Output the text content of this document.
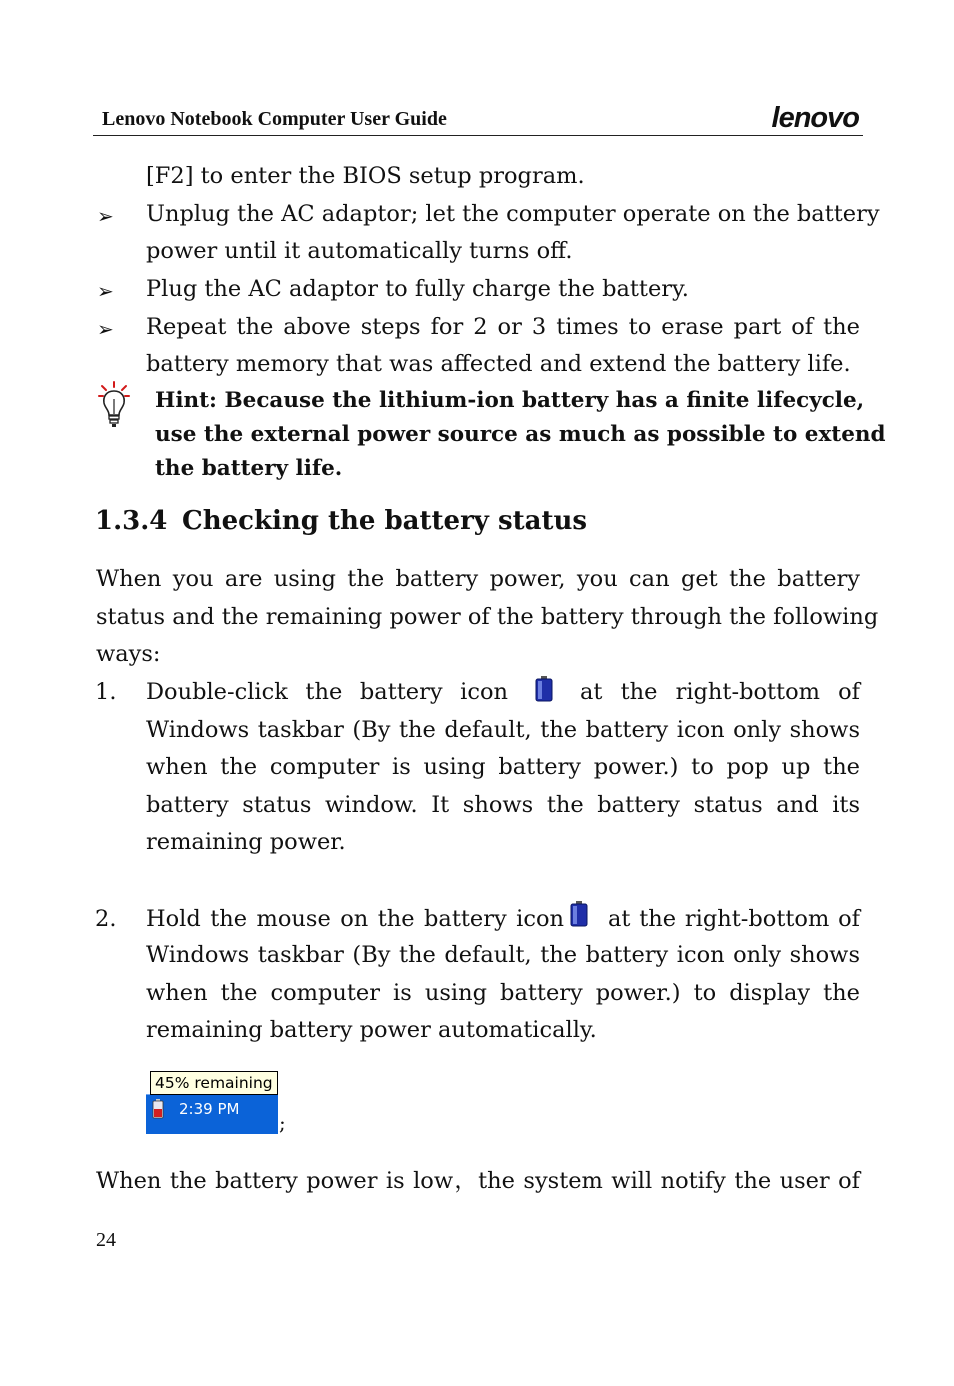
Lenovo Notebook Computer User Guide	lenovo
[F2] to enter the BIOS setup program.
➢ Unplug the AC adaptor; let the computer operate on the battery
power until it automatically turns off.
➢ Plug the AC adaptor to fully charge the battery.
➢ Repeat the above steps for 2 or 3 times to erase part of the
battery memory that was affected and extend the battery life.
Hint: Because the lithium-ion battery has a finite lifecycle,
use the external power source as much as possible to extend
the battery life.
1.3.4 Checking the battery status
When you are using the battery power, you can get the battery
status and the remaining power of the battery through the following
ways:
1. Double-click the battery icon	at the right-bottom of
Windows taskbar (By the default, the battery icon only shows
when the computer is using battery power.) to pop up the
battery status window. It shows the battery status and its
remaining power.
2. Hold the mouse on the battery icon at the right-bottom of
Windows taskbar (By the default, the battery icon only shows
when the computer is using battery power.) to display the
remaining battery power automatically.
2:39 PM
45% remaining
;
When the battery power is low，the system will notify the user of
24
